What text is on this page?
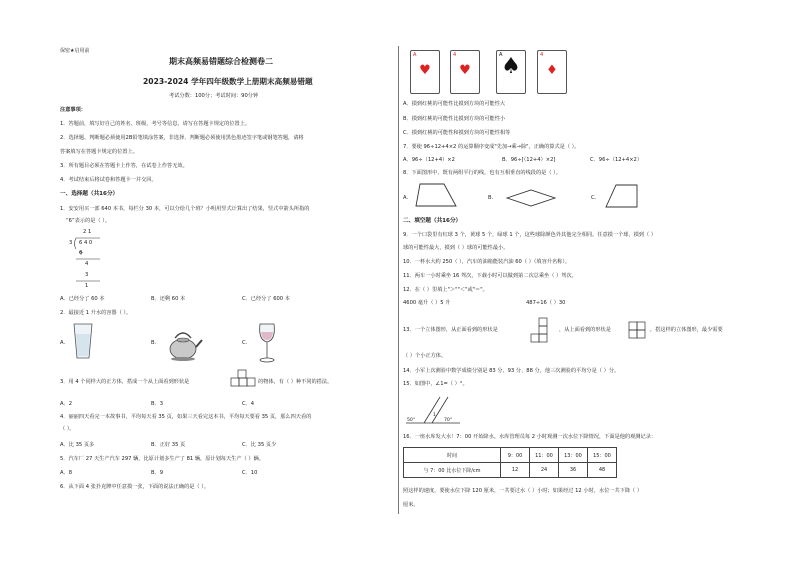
保密★启用前
期末高频易错题综合检测卷二
2023-2024 学年四年级数学上册期末高频易错题
考试分数：100分；考试时间：90分钟
注意事项：
1．答题前，填写好自己的姓名、班级、考号等信息，请写在答题卡规定的位置上。
2．选择题、判断题必须使用2B铅笔填涂答案，非选择、判断题必须使用黑色墨迹签字笔或钢笔答题，请将
答案填写在答题卡规定的位置上。
3．所有题目必须在答题卡上作答，在试卷上作答无效。
4．考试结束后将试卷和答题卡一并交回。
一、选择题（共16分）
1．安安用买一部 640 本书，每栏分 30 本，可以分给几个班？小明用竖式计算出了结果，竖式中箭头所指的
“6”表示的是（ ）。
2 1
3 6 4 0
6
4
3
1
A．已经分了 60 本	B．还剩 60 本	C．已经分了 600 本
2．最接近 1 升水的容器（ ）。
A.	B.	C.
3．用 4 个同样大的正方体，搭成一个从上面看到形状是	的物体，有（ ）种不同的搭法。
A．2	B．3	C．4
4．丽丽四天看完一本故事书，平均每天看 35 页，如果三天看完这本书，平均每天要看 35 页，那么四天看的
（ ）。
A．比 35 页多	B．正好 35 页	C．比 35 页少
5．汽车厂 27 天生产汽车 297 辆，比原计划多生产了 81 辆，原计划每天生产（ ）辆。
A．8	B．9	C．10
6．从下面 4 张扑克牌中任意摸一张，下面的说法正确的是（ ）。
A
♥
4
♥
A
♠	4
♦
A．摸到红桃的可能性比摸到方块的可能性大
B．摸到红桃的可能性比摸到方块的可能性小
C．摸到红桃的可能性和摸到方块的可能性相等
7．要使 96÷12+4×2 的运算顺序变成"先加→乘→除"，正确的算式是（ ）。
A．96÷（12+4）×2	B．96÷[（12+4）×2]	C．96÷（12+4×2）
8．下面图形中，既有两组平行的线，也有互相垂直的线段的是（ ）。
A.	B.	C.
二、填空题（共16分）
9．一个口袋里有红球 3 个，黄球 5 个，绿球 1 个，这些球除颜色外其他完全相同。任意摸一个球，摸到（ ）
球的可能性最大，摸到（ ）球的可能性最小。
10．一杯水大约 250（ ），汽车的油箱能装汽油 60（ ）（填容升名称）。
11．两车一小时乘坐 16 驾次，下载小时可以做到第二次总乘坐（ ）驾次。
12．在（ ）里填上"＞""＜"或"＝"。
4600 毫升（ ）5 升	487÷16（ ）30
13．一个立体图形，从正面看到的形状是	，从上面看到的形状是	，搭这样的立体图形，最少需要
（ ）个小正方体。
14．小军上次测验中数学成绩分别是 83 分、93 分、88 分，他三次测验的平均分是（ ）分。
15．如图中，∠1=（ ）°。
50°
1
70°
16．一座水库发大水！7：00 开始降水。水库管理员每 2 小时观测一次水位下降情况，下面是他的观测记录：
时间	9：00	11：00	13：00	15：00
与 7：00 比水位下降/cm	12	24	36	48
照这样的速度，要使水位下降 120 厘米，一共要过水（ ）小时；如果经过 12 小时，水位一共下降（ ）
厘米。
